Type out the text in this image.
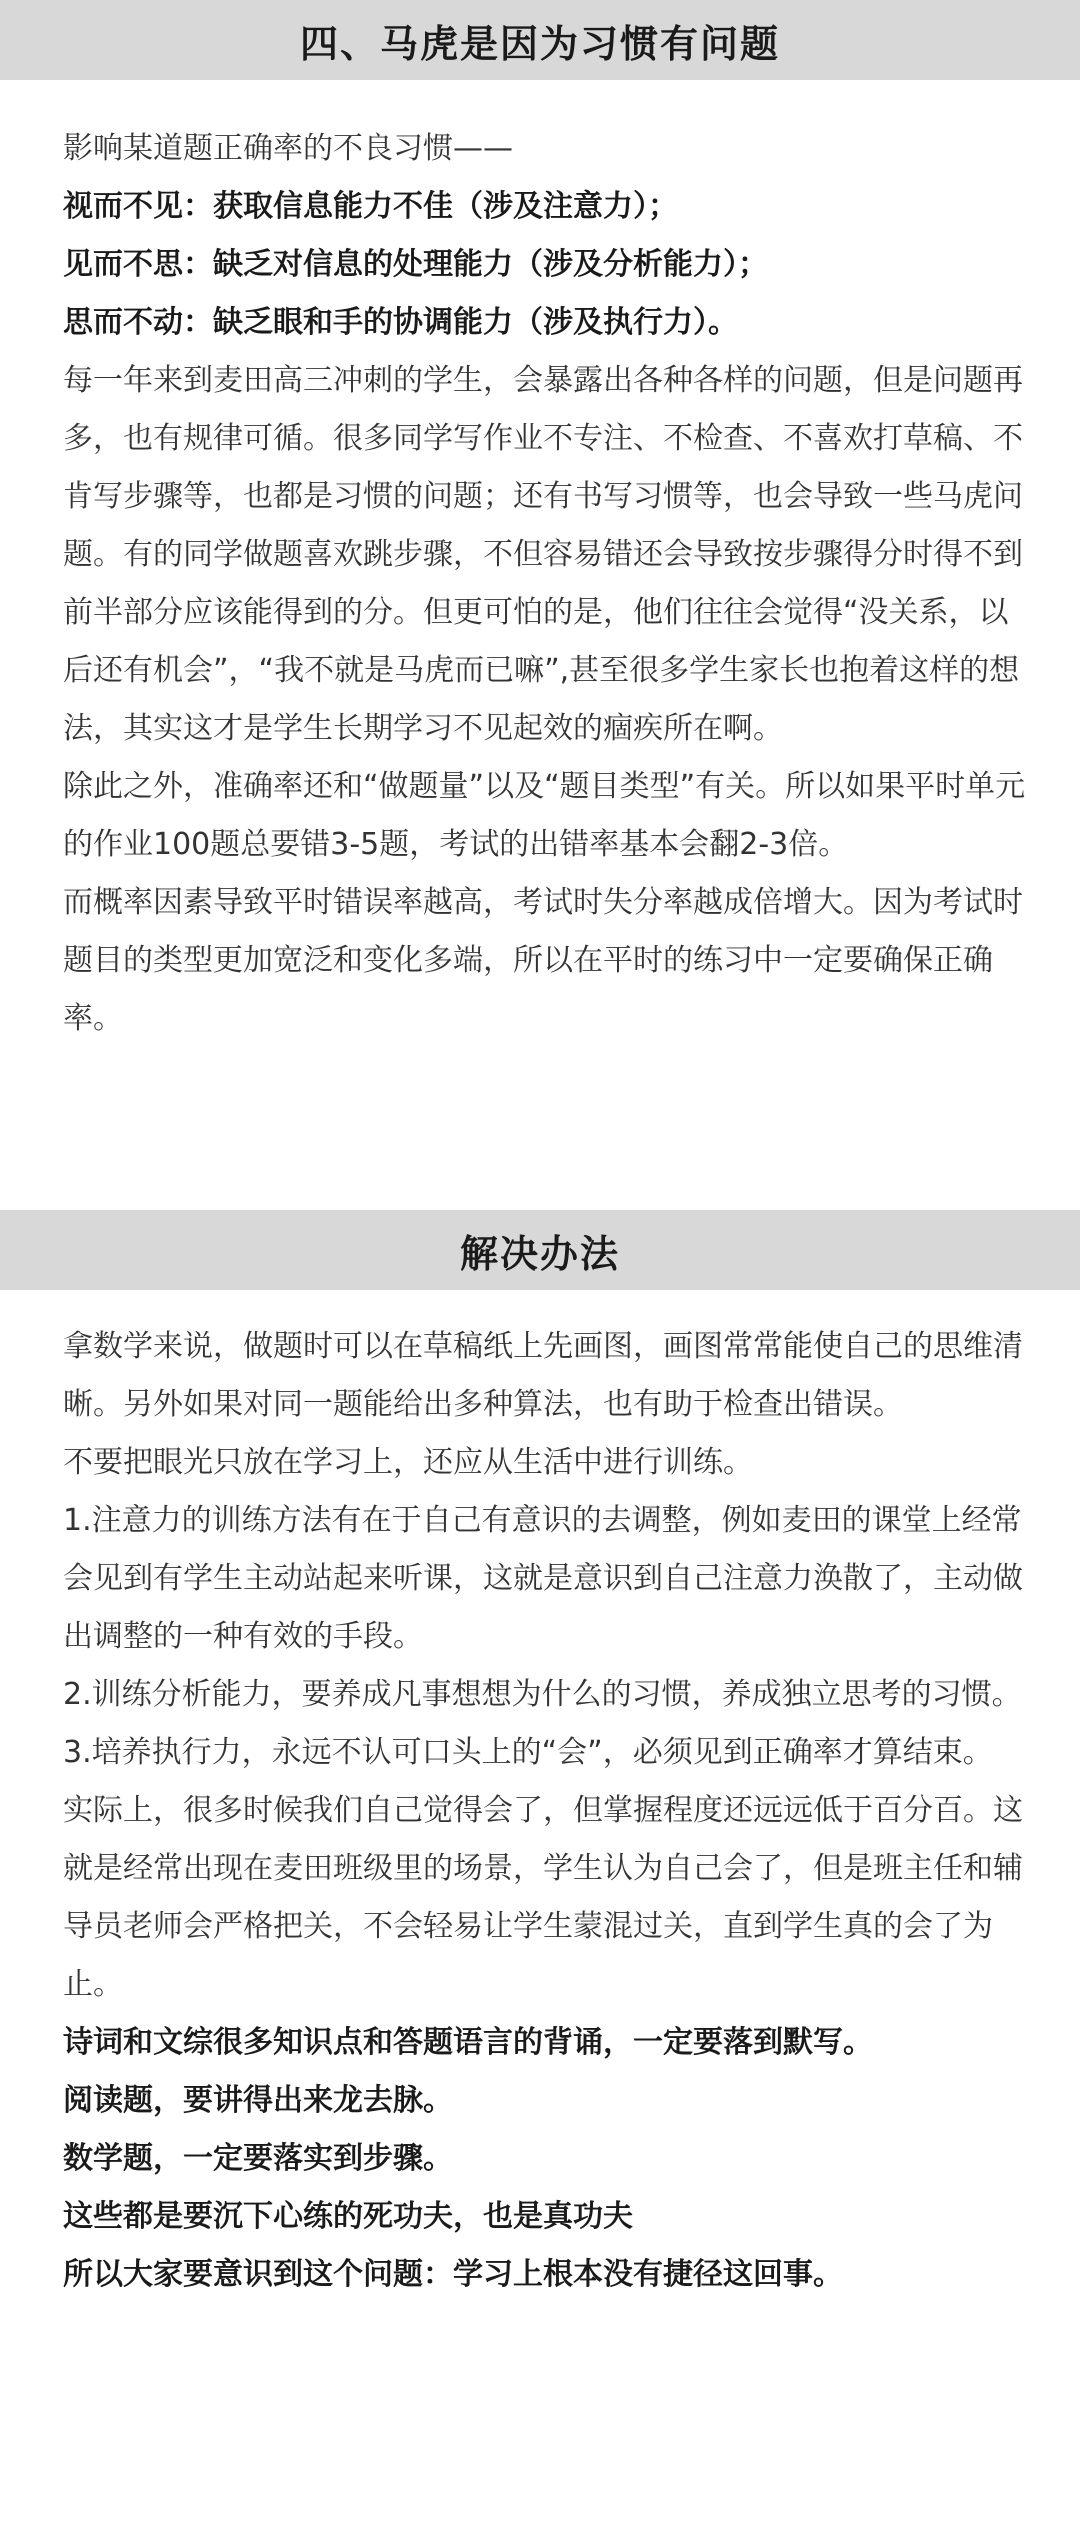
四、马虎是因为习惯有问题

影响某道题正确率的不良习惯——

视而不见：获取信息能力不佳（涉及注意力）；

见而不思：缺乏对信息的处理能力（涉及分析能力）；

思而不动：缺乏眼和手的协调能力（涉及执行力）。

每一年来到麦田高三冲刺的学生，会暴露出各种各样的问题，但是问题再多，也有规律可循。很多同学写作业不专注、不检查、不喜欢打草稿、不肯写步骤等，也都是习惯的问题；还有书写习惯等，也会导致一些马虎问题。有的同学做题喜欢跳步骤，不但容易错还会导致按步骤得分时得不到前半部分应该能得到的分。但更可怕的是，他们往往会觉得“没关系，以后还有机会”，“我不就是马虎而已嘛”,甚至很多学生家长也抱着这样的想法，其实这才是学生长期学习不见起效的痼疾所在啊。

除此之外，准确率还和“做题量”以及“题目类型”有关。所以如果平时单元的作业100题总要错3-5题，考试的出错率基本会翻2-3倍。

而概率因素导致平时错误率越高，考试时失分率越成倍增大。因为考试时题目的类型更加宽泛和变化多端，所以在平时的练习中一定要确保正确率。

解决办法

拿数学来说，做题时可以在草稿纸上先画图，画图常常能使自己的思维清晰。另外如果对同一题能给出多种算法，也有助于检查出错误。

不要把眼光只放在学习上，还应从生活中进行训练。

1.注意力的训练方法有在于自己有意识的去调整，例如麦田的课堂上经常会见到有学生主动站起来听课，这就是意识到自己注意力涣散了，主动做出调整的一种有效的手段。

2.训练分析能力，要养成凡事想想为什么的习惯，养成独立思考的习惯。

3.培养执行力，永远不认可口头上的“会”，必须见到正确率才算结束。

实际上，很多时候我们自己觉得会了，但掌握程度还远远低于百分百。这就是经常出现在麦田班级里的场景，学生认为自己会了，但是班主任和辅导员老师会严格把关，不会轻易让学生蒙混过关，直到学生真的会了为止。

诗词和文综很多知识点和答题语言的背诵，一定要落到默写。

阅读题，要讲得出来龙去脉。

数学题，一定要落实到步骤。

这些都是要沉下心练的死功夫，也是真功夫

所以大家要意识到这个问题：学习上根本没有捷径这回事。
